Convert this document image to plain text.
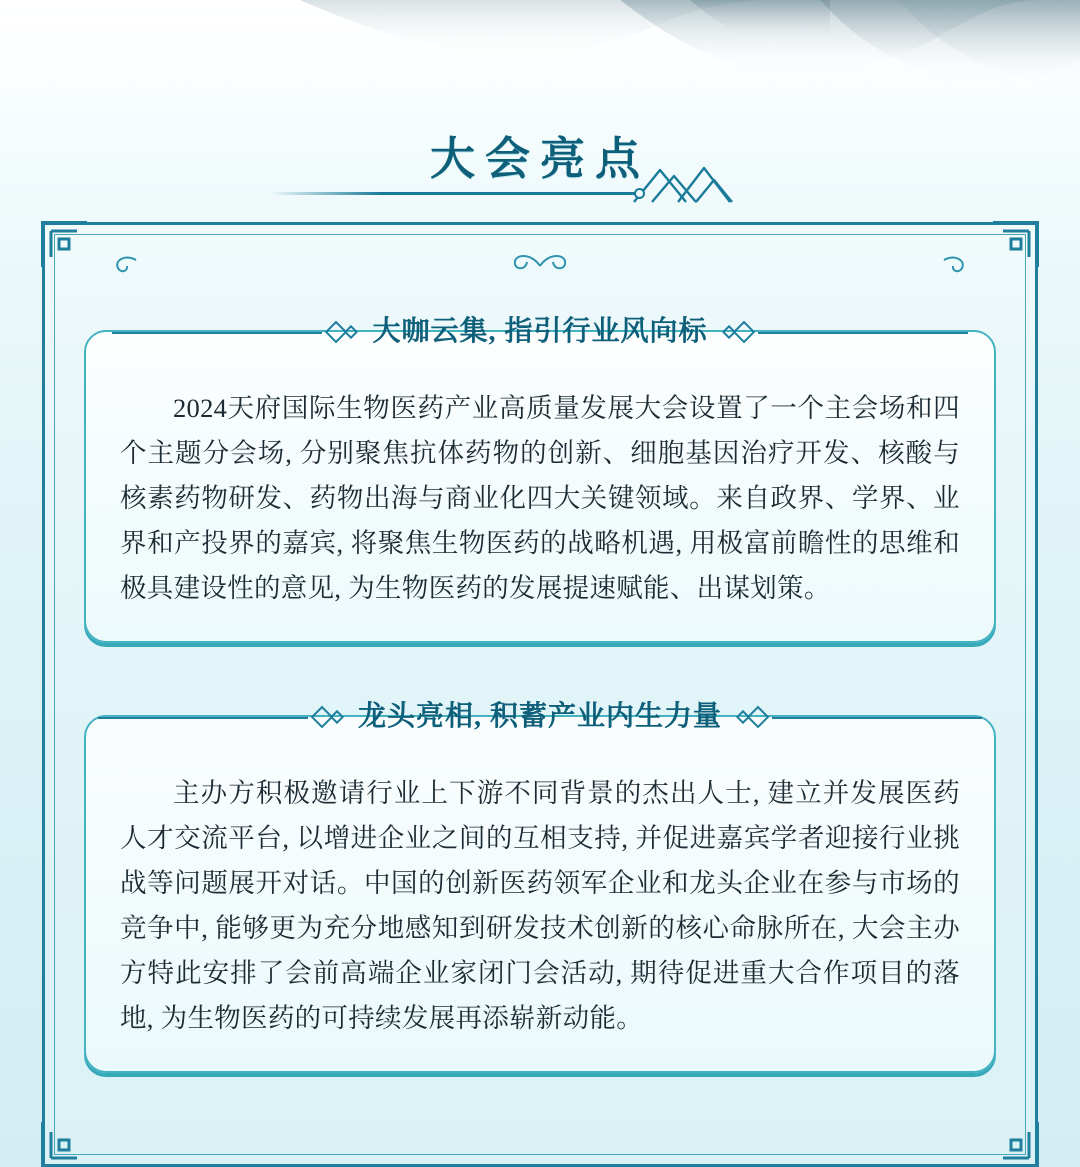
大会亮点
大咖云集, 指引行业风向标

2024天府国际生物医药产业高质量发展大会设置了一个主会场和四个主题分会场, 分别聚焦抗体药物的创新、细胞基因治疗开发、核酸与核素药物研发、药物出海与商业化四大关键领域。来自政界、学界、业界和产投界的嘉宾, 将聚焦生物医药的战略机遇, 用极富前瞻性的思维和极具建设性的意见, 为生物医药的发展提速赋能、出谋划策。

龙头亮相, 积蓄产业内生力量

主办方积极邀请行业上下游不同背景的杰出人士, 建立并发展医药人才交流平台, 以增进企业之间的互相支持, 并促进嘉宾学者迎接行业挑战等问题展开对话。中国的创新医药领军企业和龙头企业在参与市场的竞争中, 能够更为充分地感知到研发技术创新的核心命脉所在, 大会主办方特此安排了会前高端企业家闭门会活动, 期待促进重大合作项目的落地, 为生物医药的可持续发展再添崭新动能。
